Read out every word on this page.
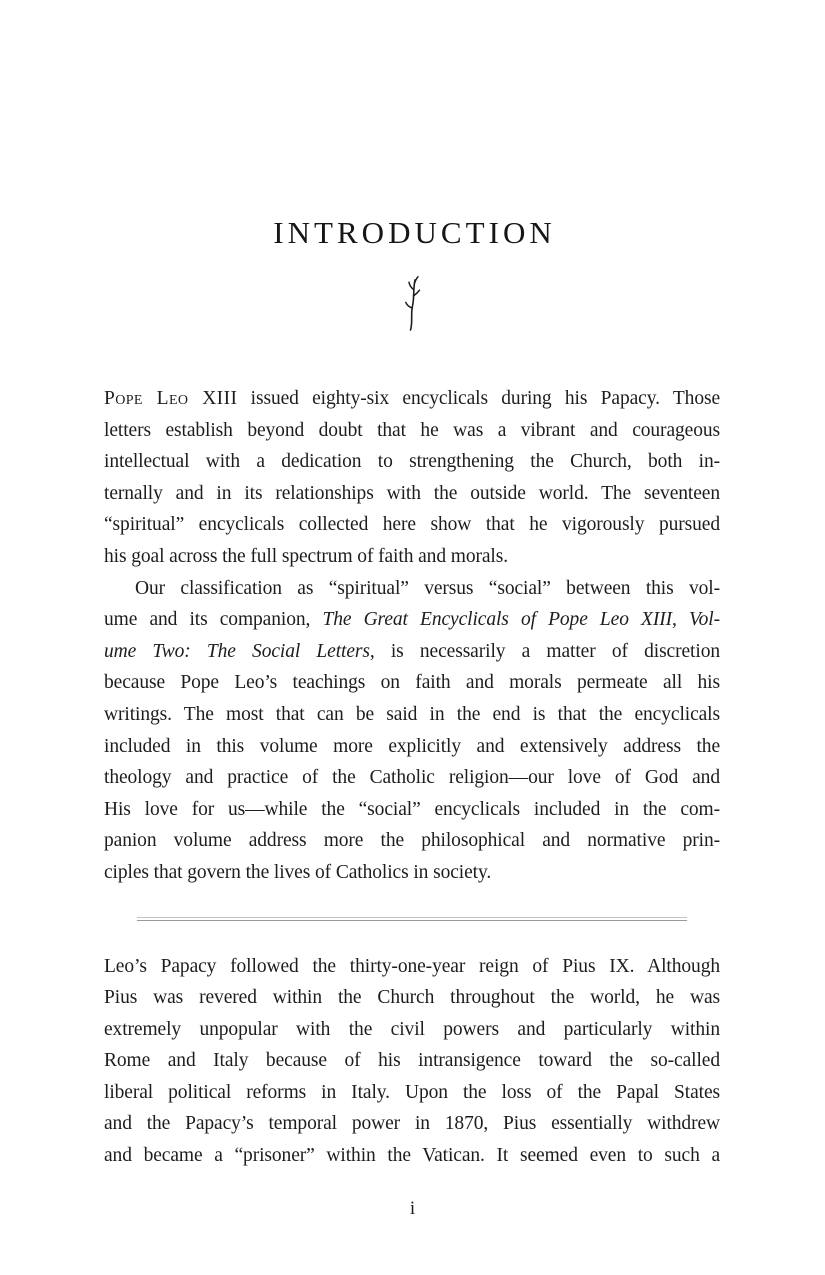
INTRODUCTION
Pope Leo XIII issued eighty-six encyclicals during his Papacy. Those
letters establish beyond doubt that he was a vibrant and courageous
intellectual with a dedication to strengthening the Church, both in-
ternally and in its relationships with the outside world. The seventeen
“spiritual” encyclicals collected here show that he vigorously pursued
his goal across the full spectrum of faith and morals.
Our classification as “spiritual” versus “social” between this vol-
ume and its companion, The Great Encyclicals of Pope Leo XIII, Vol-
ume Two: The Social Letters, is necessarily a matter of discretion
because Pope Leo’s teachings on faith and morals permeate all his
writings. The most that can be said in the end is that the encyclicals
included in this volume more explicitly and extensively address the
theology and practice of the Catholic religion—our love of God and
His love for us—while the “social” encyclicals included in the com-
panion volume address more the philosophical and normative prin-
ciples that govern the lives of Catholics in society.
Leo’s Papacy followed the thirty-one-year reign of Pius IX. Although
Pius was revered within the Church throughout the world, he was
extremely unpopular with the civil powers and particularly within
Rome and Italy because of his intransigence toward the so-called
liberal political reforms in Italy. Upon the loss of the Papal States
and the Papacy’s temporal power in 1870, Pius essentially withdrew
and became a “prisoner” within the Vatican. It seemed even to such a
i
